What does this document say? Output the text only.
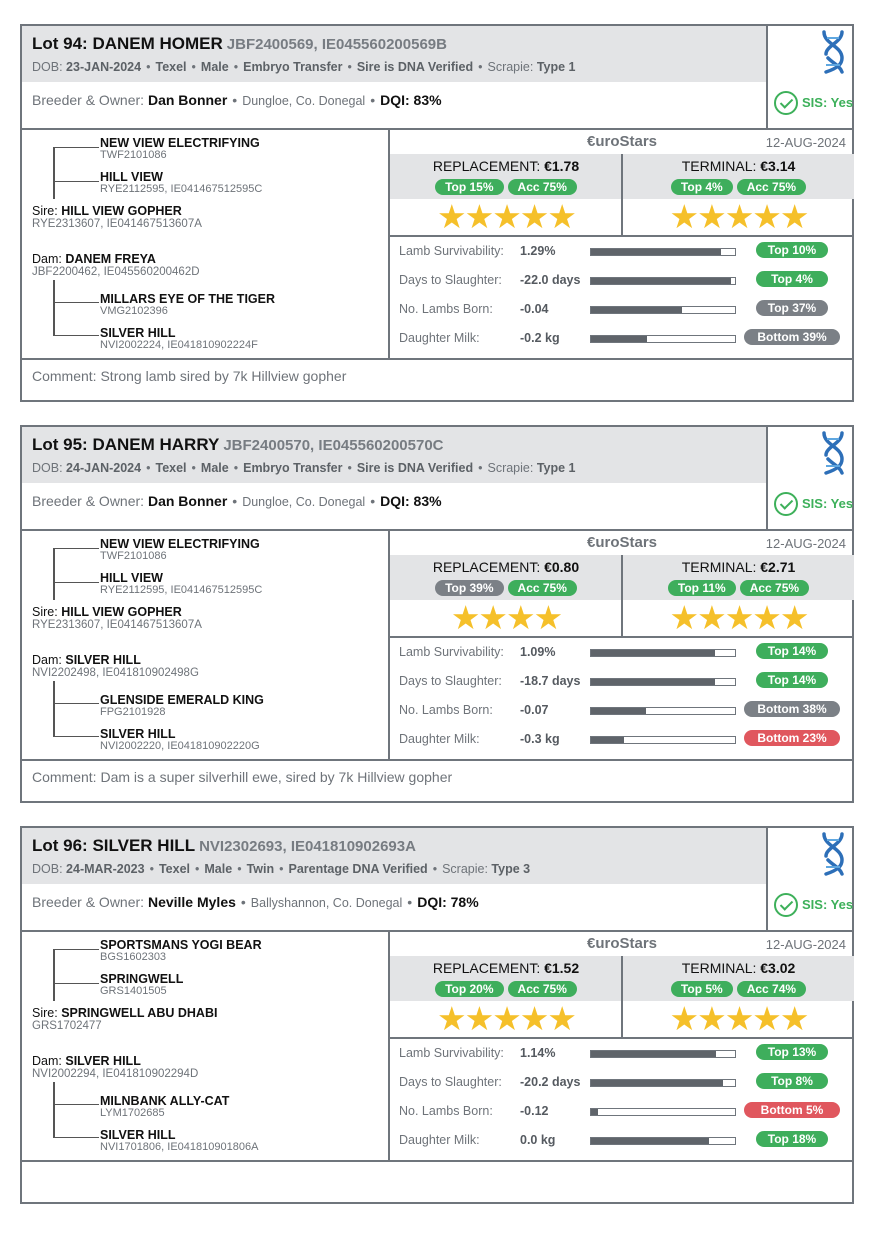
Lot 94: DANEM HOMER JBF2400569, IE045560200569B
DOB: 23-JAN-2024 • Texel • Male • Embryo Transfer • Sire is DNA Verified • Scrapie: Type 1
Breeder & Owner: Dan Bonner • Dungloe, Co. Donegal • DQI: 83%	SIS: Yes
NEW VIEW ELECTRIFYING
TWF2101086
HILL VIEW
RYE2112595, IE041467512595C
Sire: HILL VIEW GOPHER
RYE2313607, IE041467513607A
Dam: DANEM FREYA
JBF2200462, IE045560200462D
MILLARS EYE OF THE TIGER
VMG2102396
SILVER HILL
NVI2002224, IE041810902224F
€uroStars	12-AUG-2024
REPLACEMENT: €1.78
Top 15% Acc 75%
TERMINAL: €3.14
Top 4% Acc 75%
★★★★★	★★★★★
Lamb Survivability: 1.29%	Top 10%
Days to Slaughter: -22.0 days	Top 4%
No. Lambs Born: -0.04	Top 37%
Daughter Milk:	-0.2 kg	Bottom 39%
Comment: Strong lamb sired by 7k Hillview gopher
Lot 95: DANEM HARRY JBF2400570, IE045560200570C
DOB: 24-JAN-2024 • Texel • Male • Embryo Transfer • Sire is DNA Verified • Scrapie: Type 1
Breeder & Owner: Dan Bonner • Dungloe, Co. Donegal • DQI: 83%	SIS: Yes
NEW VIEW ELECTRIFYING
TWF2101086
HILL VIEW
RYE2112595, IE041467512595C
Sire: HILL VIEW GOPHER
RYE2313607, IE041467513607A
Dam: SILVER HILL
NVI2202498, IE041810902498G
GLENSIDE EMERALD KING
FPG2101928
SILVER HILL
NVI2002220, IE041810902220G
€uroStars	12-AUG-2024
REPLACEMENT: €0.80
Top 39% Acc 75%
TERMINAL: €2.71
Top 11% Acc 75%
★★★★	★★★★★
Lamb Survivability: 1.09%	Top 14%
Days to Slaughter: -18.7 days	Top 14%
No. Lambs Born: -0.07	Bottom 38%
Daughter Milk:	-0.3 kg	Bottom 23%
Comment: Dam is a super silverhill ewe, sired by 7k Hillview gopher
Lot 96: SILVER HILL NVI2302693, IE041810902693A
DOB: 24-MAR-2023 • Texel • Male • Twin • Parentage DNA Verified • Scrapie: Type 3
Breeder & Owner: Neville Myles • Ballyshannon, Co. Donegal • DQI: 78%	SIS: Yes
SPORTSMANS YOGI BEAR
BGS1602303
SPRINGWELL
GRS1401505
Sire: SPRINGWELL ABU DHABI
GRS1702477
Dam: SILVER HILL
NVI2002294, IE041810902294D
MILNBANK ALLY-CAT
LYM1702685
SILVER HILL
NVI1701806, IE041810901806A
€uroStars	12-AUG-2024
REPLACEMENT: €1.52
Top 20% Acc 75%
TERMINAL: €3.02
Top 5% Acc 74%
★★★★★	★★★★★
Lamb Survivability: 1.14%	Top 13%
Days to Slaughter: -20.2 days	Top 8%
No. Lambs Born: -0.12	Bottom 5%
Daughter Milk:	0.0 kg	Top 18%
